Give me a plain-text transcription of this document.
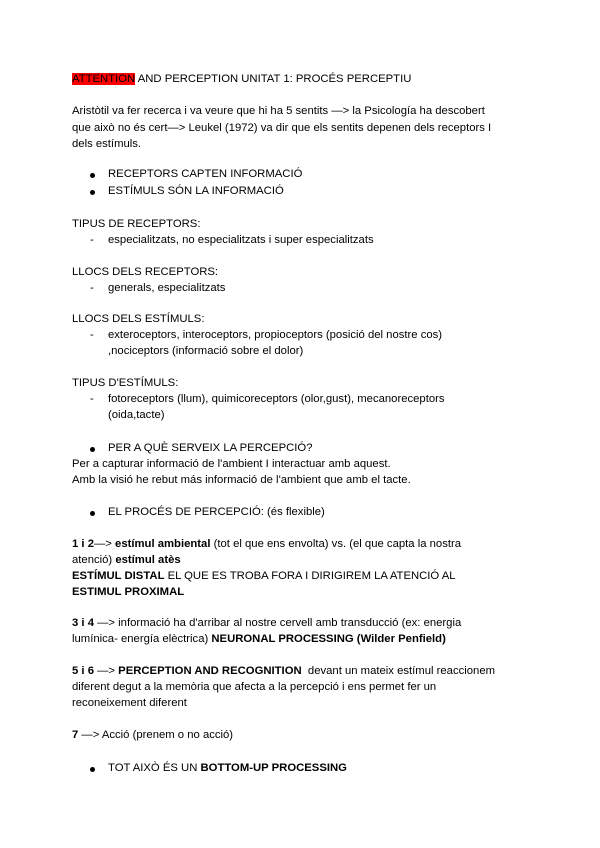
ATTENTION AND PERCEPTION UNITAT 1: PROCÉS PERCEPTIU
Aristòtil va fer recerca i va veure que hi ha 5 sentits —> la Psicología ha descobert
que això no és cert—> Leukel (1972) va dir que els sentits depenen dels receptors I
dels estímuls.
RECEPTORS CAPTEN INFORMACIÓ
ESTÍMULS SÓN LA INFORMACIÓ
TIPUS DE RECEPTORS:
- especialitzats, no especialitzats i super especialitzats
LLOCS DELS RECEPTORS:
- generals, especialitzats
LLOCS DELS ESTÍMULS:
- exteroceptors, interoceptors, propioceptors (posició del nostre cos)
,nociceptors (informació sobre el dolor)
TIPUS D'ESTÍMULS:
- fotoreceptors (llum), quimicoreceptors (olor,gust), mecanoreceptors
(oida,tacte)
PER A QUÈ SERVEIX LA PERCEPCIÓ?
Per a capturar informació de l'ambient I interactuar amb aquest.
Amb la visió he rebut más informació de l'ambient que amb el tacte.
EL PROCÉS DE PERCEPCIÓ: (és flexible)
1 i 2—> estímul ambiental (tot el que ens envolta) vs. (el que capta la nostra
atenció) estímul atès
ESTÍMUL DISTAL EL QUE ES TROBA FORA I DIRIGIREM LA ATENCIÓ AL
ESTIMUL PROXIMAL
3 i 4 —> informació ha d'arribar al nostre cervell amb transducció (ex: energia
lumínica- energía elèctrica) NEURONAL PROCESSING (Wilder Penfield)
5 i 6 —> PERCEPTION AND RECOGNITION  devant un mateix estímul reaccionem
diferent degut a la memòria que afecta a la percepció i ens permet fer un
reconeixement diferent
7 —> Acció (prenem o no acció)
TOT AIXÒ ÉS UN BOTTOM-UP PROCESSING
